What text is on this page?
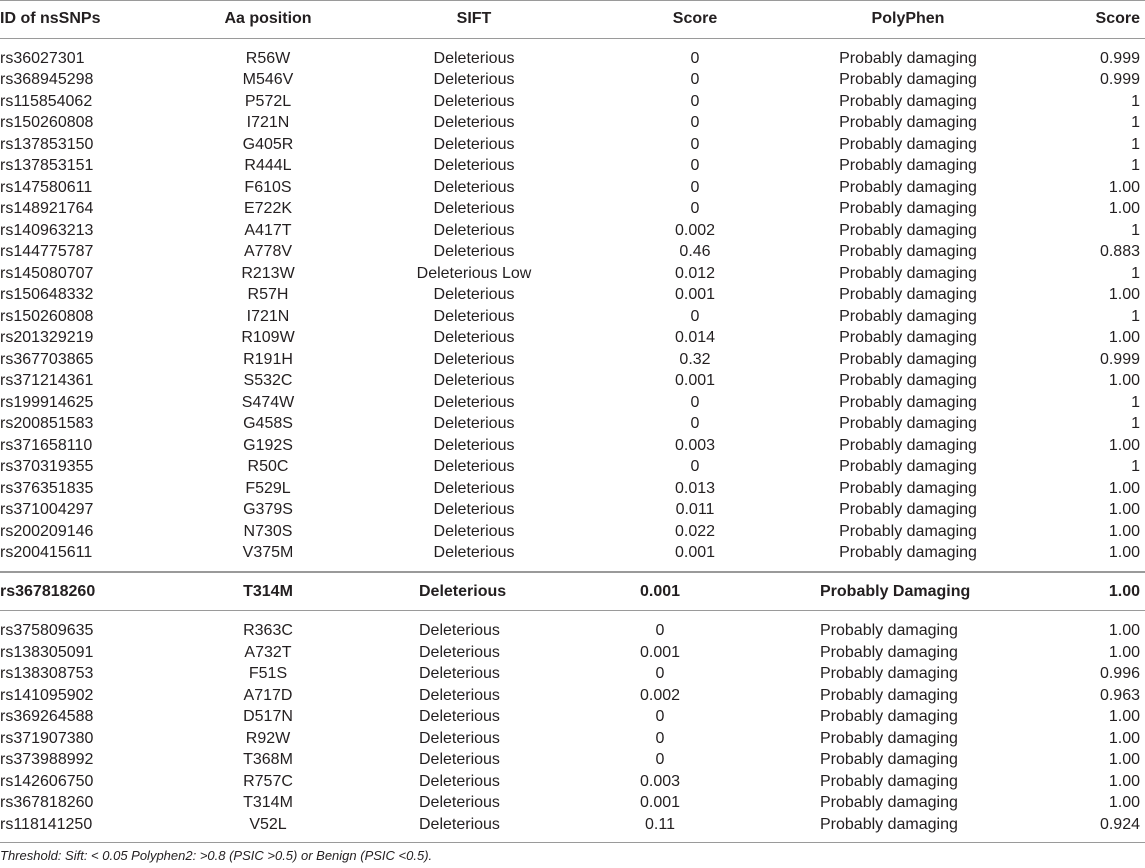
ID of nsSNPs	Aa position	SIFT	Score	PolyPhen	Score
rs36027301	R56W	Deleterious	0	Probably damaging	0.999
rs368945298	M546V	Deleterious	0	Probably damaging	0.999
rs115854062	P572L	Deleterious	0	Probably damaging	1
rs150260808	I721N	Deleterious	0	Probably damaging	1
rs137853150	G405R	Deleterious	0	Probably damaging	1
rs137853151	R444L	Deleterious	0	Probably damaging	1
rs147580611	F610S	Deleterious	0	Probably damaging	1.00
rs148921764	E722K	Deleterious	0	Probably damaging	1.00
rs140963213	A417T	Deleterious	0.002	Probably damaging	1
rs144775787	A778V	Deleterious	0.46	Probably damaging	0.883
rs145080707	R213W	Deleterious Low	0.012	Probably damaging	1
rs150648332	R57H	Deleterious	0.001	Probably damaging	1.00
rs150260808	I721N	Deleterious	0	Probably damaging	1
rs201329219	R109W	Deleterious	0.014	Probably damaging	1.00
rs367703865	R191H	Deleterious	0.32	Probably damaging	0.999
rs371214361	S532C	Deleterious	0.001	Probably damaging	1.00
rs199914625	S474W	Deleterious	0	Probably damaging	1
rs200851583	G458S	Deleterious	0	Probably damaging	1
rs371658110	G192S	Deleterious	0.003	Probably damaging	1.00
rs370319355	R50C	Deleterious	0	Probably damaging	1
rs376351835	F529L	Deleterious	0.013	Probably damaging	1.00
rs371004297	G379S	Deleterious	0.011	Probably damaging	1.00
rs200209146	N730S	Deleterious	0.022	Probably damaging	1.00
rs200415611	V375M	Deleterious	0.001	Probably damaging	1.00
rs367818260	T314M	Deleterious	0.001	Probably Damaging	1.00
rs375809635	R363C	Deleterious	0	Probably damaging	1.00
rs138305091	A732T	Deleterious	0.001	Probably damaging	1.00
rs138308753	F51S	Deleterious	0	Probably damaging	0.996
rs141095902	A717D	Deleterious	0.002	Probably damaging	0.963
rs369264588	D517N	Deleterious	0	Probably damaging	1.00
rs371907380	R92W	Deleterious	0	Probably damaging	1.00
rs373988992	T368M	Deleterious	0	Probably damaging	1.00
rs142606750	R757C	Deleterious	0.003	Probably damaging	1.00
rs367818260	T314M	Deleterious	0.001	Probably damaging	1.00
rs118141250	V52L	Deleterious	0.11	Probably damaging	0.924
Threshold: Sift: < 0.05 Polyphen2: >0.8 (PSIC >0.5) or Benign (PSIC <0.5).
